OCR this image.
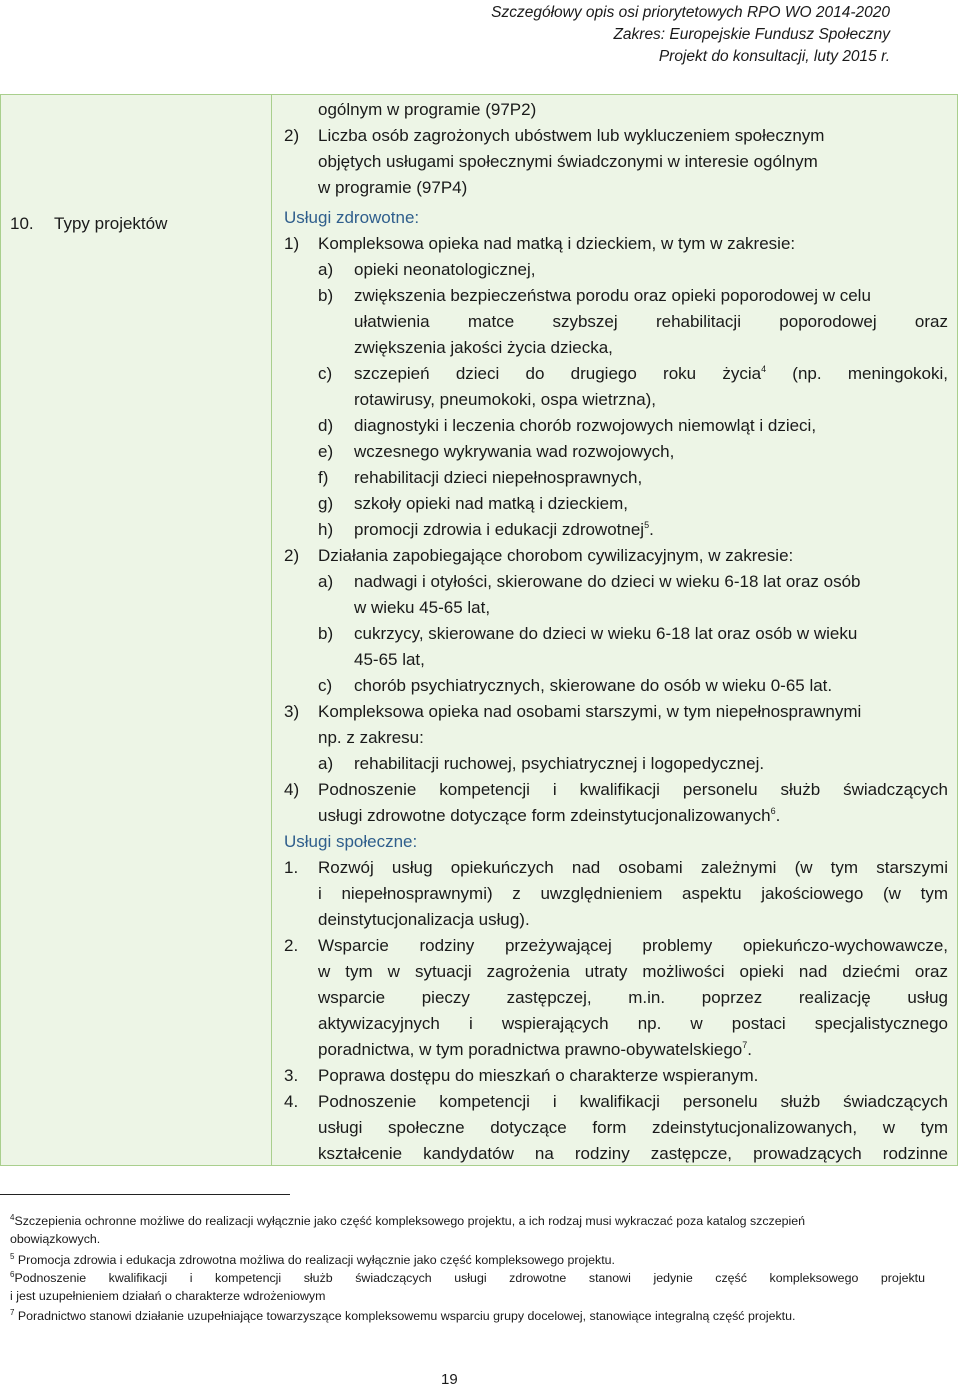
Szczegółowy opis osi priorytetowych RPO WO 2014-2020
Zakres: Europejskie Fundusz Społeczny
Projekt do konsultacji, luty 2015 r.
10. Typy projektów
ogólnym w programie (97P2)
2) Liczba osób zagrożonych ubóstwem lub wykluczeniem społecznym
objętych usługami społecznymi świadczonymi w interesie ogólnym
w programie (97P4)
Usługi zdrowotne:
1) Kompleksowa opieka nad matką i dzieckiem, w tym w zakresie:
a) opieki neonatologicznej,
b) zwiększenia bezpieczeństwa porodu oraz opieki poporodowej w celu
ułatwienia matce szybszej rehabilitacji poporodowej oraz
zwiększenia jakości życia dziecka,
c) szczepień dzieci do drugiego roku życia$^4$ (np. meningokoki,
rotawirusy, pneumokoki, ospa wietrzna),
d) diagnostyki i leczenia chorób rozwojowych niemowląt i dzieci,
e) wczesnego wykrywania wad rozwojowych,
f) rehabilitacji dzieci niepełnosprawnych,
g) szkoły opieki nad matką i dzieckiem,
h) promocji zdrowia i edukacji zdrowotnej$^5$.
2) Działania zapobiegające chorobom cywilizacyjnym, w zakresie:
a) nadwagi i otyłości, skierowane do dzieci w wieku 6-18 lat oraz osób
w wieku 45-65 lat,
b) cukrzycy, skierowane do dzieci w wieku 6-18 lat oraz osób w wieku
45-65 lat,
c) chorób psychiatrycznych, skierowane do osób w wieku 0-65 lat.
3) Kompleksowa opieka nad osobami starszymi, w tym niepełnosprawnymi
np. z zakresu:
a) rehabilitacji ruchowej, psychiatrycznej i logopedycznej.
4) Podnoszenie kompetencji i kwalifikacji personelu służb świadczących
usługi zdrowotne dotyczące form zdeinstytucjonalizowanych$^6$.
Usługi społeczne:
1. Rozwój usług opiekuńczych nad osobami zależnymi (w tym starszymi
i niepełnosprawnymi) z uwzględnieniem aspektu jakościowego (w tym
deinstytucjonalizacja usług).
2. Wsparcie rodziny przeżywającej problemy opiekuńczo-wychowawcze,
w tym w sytuacji zagrożenia utraty możliwości opieki nad dziećmi oraz
wsparcie pieczy zastępczej, m.in. poprzez realizację usług
aktywizacyjnych i wspierających np. w postaci specjalistycznego
poradnictwa, w tym poradnictwa prawno-obywatelskiego$^7$.
3. Poprawa dostępu do mieszkań o charakterze wspieranym.
4. Podnoszenie kompetencji i kwalifikacji personelu służb świadczących
usługi społeczne dotyczące form zdeinstytucjonalizowanych, w tym
kształcenie kandydatów na rodziny zastępcze, prowadzących rodzinne
$^4$Szczepienia ochronne możliwe do realizacji wyłącznie jako część kompleksowego projektu, a ich rodzaj musi wykraczać poza katalog szczepień
obowiązkowych.
$^5$ Promocja zdrowia i edukacja zdrowotna możliwa do realizacji wyłącznie jako część kompleksowego projektu.
$^6$Podnoszenie kwalifikacji i kompetencji służb świadczących usługi zdrowotne stanowi jedynie część kompleksowego projektu
i jest uzupełnieniem działań o charakterze wdrożeniowym
$^7$ Poradnictwo stanowi działanie uzupełniające towarzyszące kompleksowemu wsparciu grupy docelowej, stanowiące integralną część projektu.
19
